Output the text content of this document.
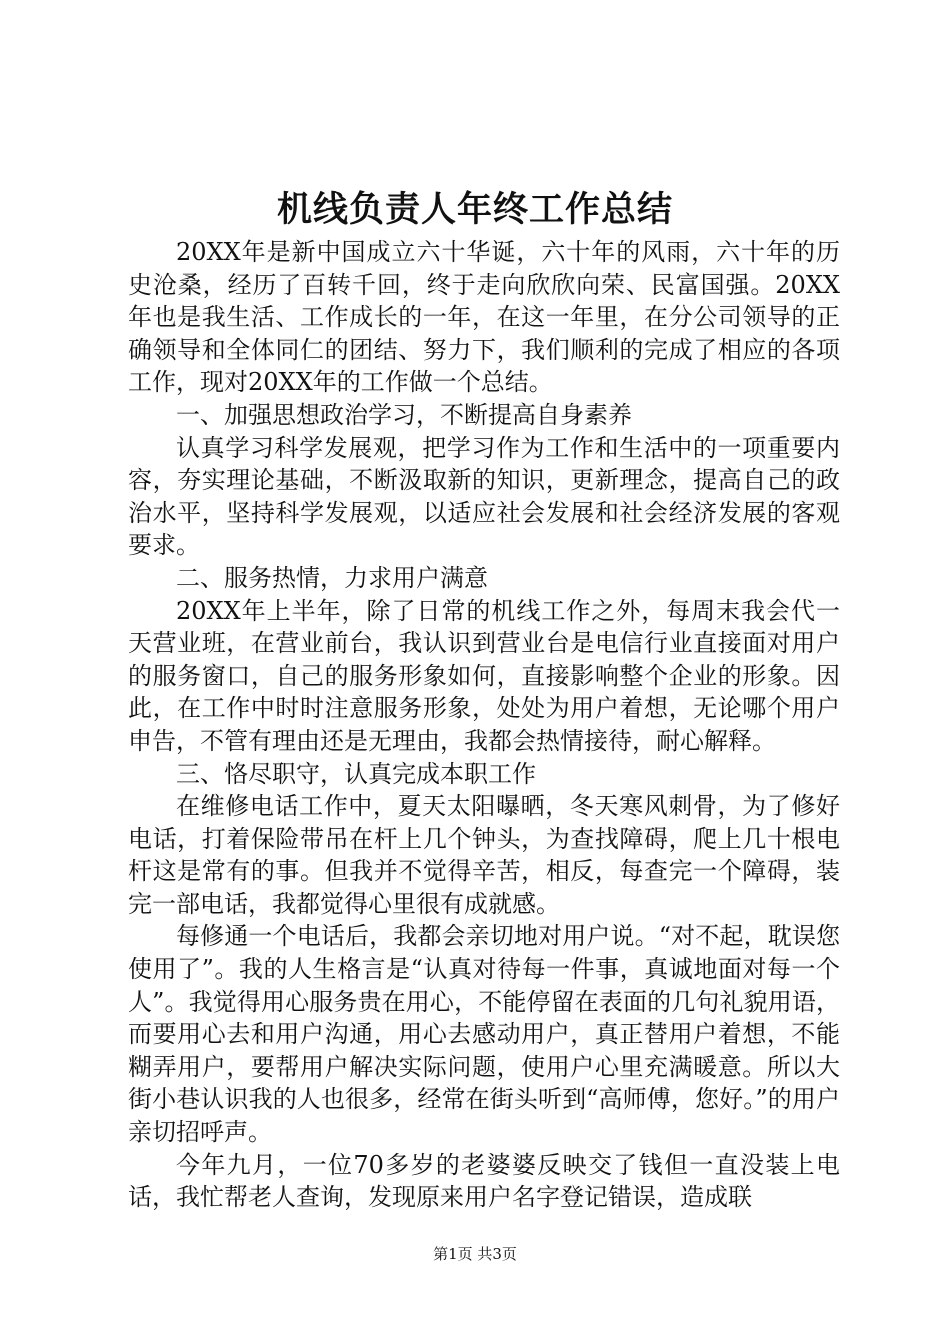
机线负责人年终工作总结

20XX年是新中国成立六十华诞，六十年的风雨，六十年的历史沧桑，经历了百转千回，终于走向欣欣向荣、民富国强。20XX年也是我生活、工作成长的一年，在这一年里，在分公司领导的正确领导和全体同仁的团结、努力下，我们顺利的完成了相应的各项工作，现对20XX年的工作做一个总结。

一、加强思想政治学习，不断提高自身素养

认真学习科学发展观，把学习作为工作和生活中的一项重要内容，夯实理论基础，不断汲取新的知识，更新理念，提高自己的政治水平，坚持科学发展观，以适应社会发展和社会经济发展的客观要求。

二、服务热情，力求用户满意

20XX年上半年，除了日常的机线工作之外，每周末我会代一天营业班，在营业前台，我认识到营业台是电信行业直接面对用户的服务窗口，自己的服务形象如何，直接影响整个企业的形象。因此，在工作中时时注意服务形象，处处为用户着想，无论哪个用户申告，不管有理由还是无理由，我都会热情接待，耐心解释。

三、恪尽职守，认真完成本职工作

在维修电话工作中，夏天太阳曝晒，冬天寒风刺骨，为了修好电话，打着保险带吊在杆上几个钟头，为查找障碍，爬上几十根电杆这是常有的事。但我并不觉得辛苦，相反，每查完一个障碍，装完一部电话，我都觉得心里很有成就感。

每修通一个电话后，我都会亲切地对用户说。“对不起，耽误您使用了”。我的人生格言是“认真对待每一件事，真诚地面对每一个人”。我觉得用心服务贵在用心，不能停留在表面的几句礼貌用语，而要用心去和用户沟通，用心去感动用户，真正替用户着想，不能糊弄用户，要帮用户解决实际问题，使用户心里充满暖意。所以大街小巷认识我的人也很多，经常在街头听到“高师傅，您好。”的用户亲切招呼声。

今年九月，一位70多岁的老婆婆反映交了钱但一直没装上电话，我忙帮老人查询，发现原来用户名字登记错误，造成联

第1页 共3页
